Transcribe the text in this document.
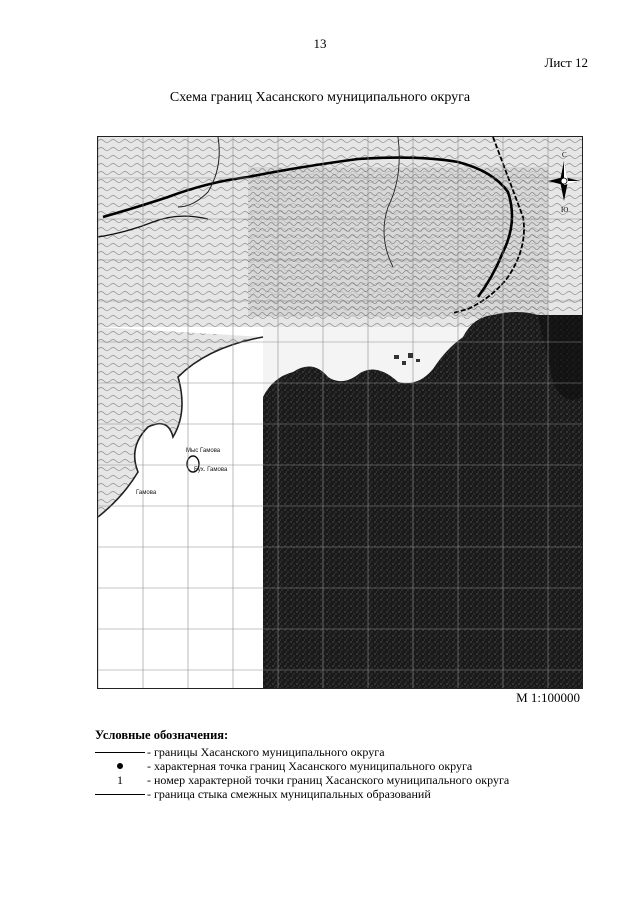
13
Лист 12
Схема границ Хасанского муниципального округа
Мыс Гамова
Бух. Гамова
Гамова
С
Ю
М 1:100000
Условные обозначения:
- границы Хасанского муниципального округа
- характерная точка границ Хасанского муниципального округа
1 - номер характерной точки границ Хасанского муниципального округа
- граница стыка смежных муниципальных образований
